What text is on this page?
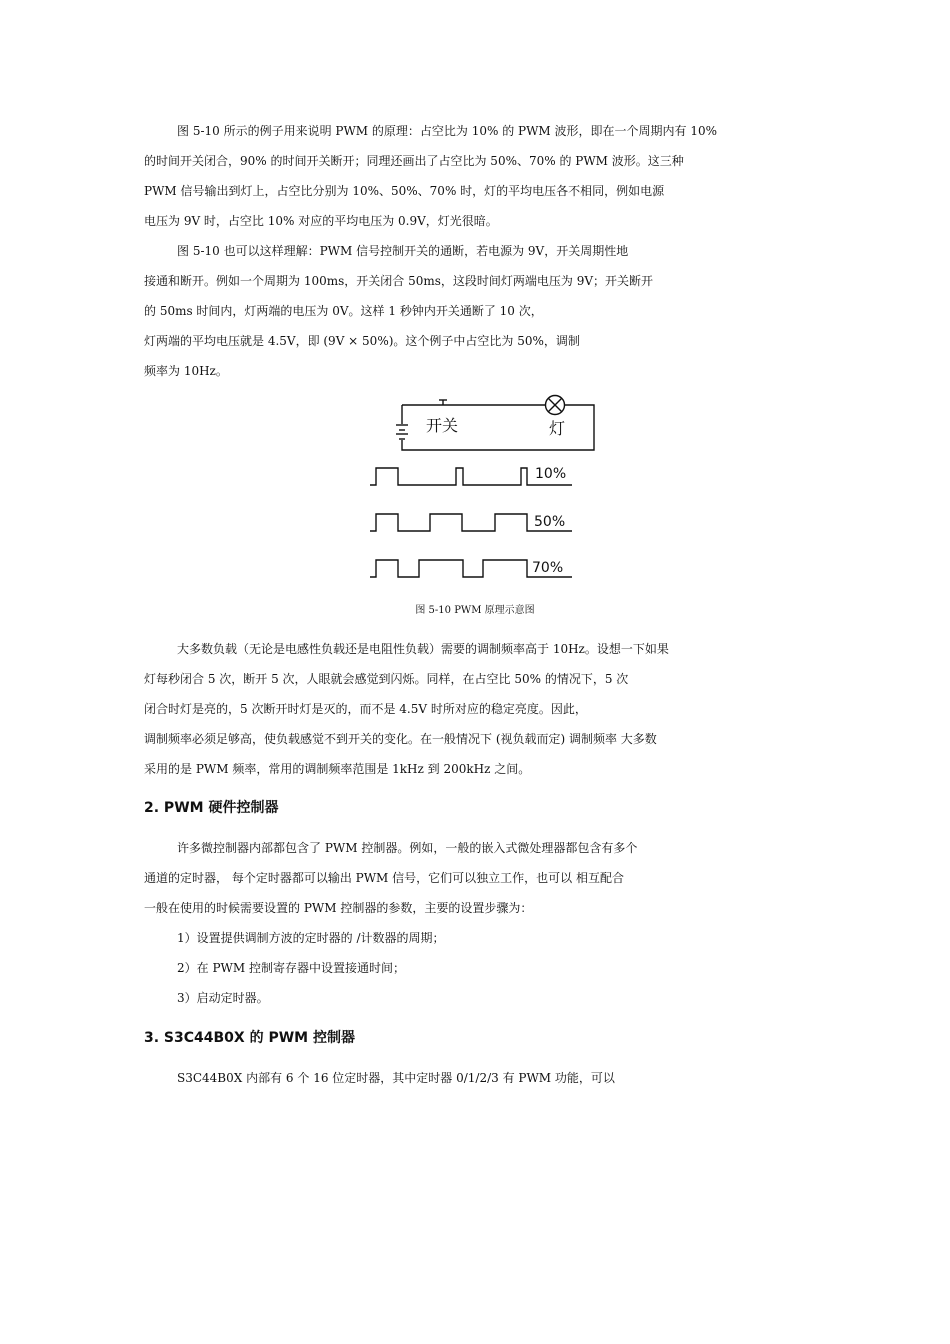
图 5-10 所示的例子用来说明 PWM 的原理：占空比为 10% 的 PWM 波形，即在一个周期内有 10%
的时间开关闭合，90% 的时间开关断开；同理还画出了占空比为 50%、70% 的 PWM 波形。这三种
PWM 信号输出到灯上，占空比分别为 10%、50%、70% 时，灯的平均电压各不相同，例如电源
电压为 9V 时，占空比 10% 对应的平均电压为 0.9V，灯光很暗。
图 5-10 也可以这样理解：PWM 信号控制开关的通断，若电源为 9V，开关周期性地
接通和断开。例如一个周期为 100ms，开关闭合 50ms，这段时间灯两端电压为 9V；开关断开
的 50ms 时间内，灯两端的电压为 0V。这样 1 秒钟内开关通断了 10 次，
灯两端的平均电压就是 4.5V，即 (9V × 50%)。这个例子中占空比为 50%，调制
频率为 10Hz。
开关	灯
10%
50%
70%
图 5-10 PWM 原理示意图
大多数负载（无论是电感性负载还是电阻性负载）需要的调制频率高于 10Hz。设想一下如果
灯每秒闭合 5 次，断开 5 次，人眼就会感觉到闪烁。同样，在占空比 50% 的情况下，5 次
闭合时灯是亮的，5 次断开时灯是灭的，而不是 4.5V 时所对应的稳定亮度。因此，
调制频率必须足够高，使负载感觉不到开关的变化。在一般情况下 (视负载而定) 调制频率 大多数
采用的是 PWM 频率，常用的调制频率范围是 1kHz 到 200kHz 之间。
2. PWM 硬件控制器
许多微控制器内部都包含了 PWM 控制器。例如，一般的嵌入式微处理器都包含有多个
通道的定时器， 每个定时器都可以输出 PWM 信号，它们可以独立工作，也可以 相互配合
一般在使用的时候需要设置的 PWM 控制器的参数，主要的设置步骤为：
1）设置提供调制方波的定时器的 /计数器的周期；
2）在 PWM 控制寄存器中设置接通时间；
3）启动定时器。
3. S3C44B0X 的 PWM 控制器
S3C44B0X 内部有 6 个 16 位定时器，其中定时器 0/1/2/3 有 PWM 功能，可以
